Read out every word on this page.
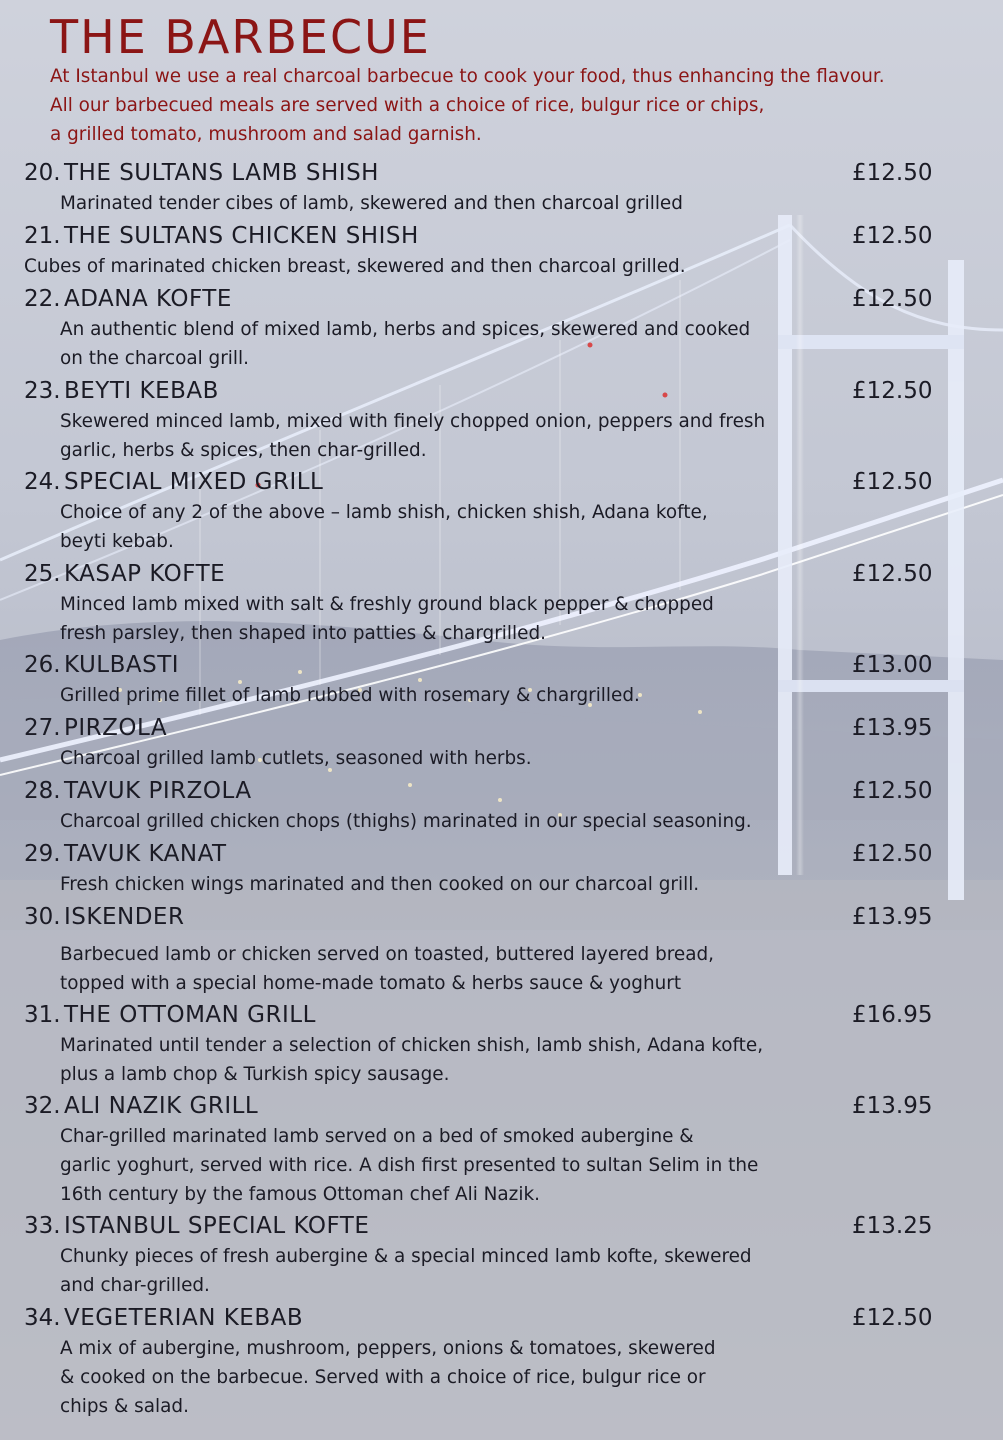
THE BARBECUE
At Istanbul we use a real charcoal barbecue to cook your food, thus enhancing the flavour.
All our barbecued meals are served with a choice of rice, bulgur rice or chips,
a grilled tomato, mushroom and salad garnish.
20. THE SULTANS LAMB SHISH	£12.50
Marinated tender cibes of lamb, skewered and then charcoal grilled
21. THE SULTANS CHICKEN SHISH	£12.50
Cubes of marinated chicken breast, skewered and then charcoal grilled.
22. ADANA KOFTE	£12.50
An authentic blend of mixed lamb, herbs and spices, skewered and cooked
on the charcoal grill.
23. BEYTI KEBAB	£12.50
Skewered minced lamb, mixed with finely chopped onion, peppers and fresh
garlic, herbs & spices, then char-grilled.
24. SPECIAL MIXED GRILL	£12.50
Choice of any 2 of the above – lamb shish, chicken shish, Adana kofte,
beyti kebab.
25. KASAP KOFTE	£12.50
Minced lamb mixed with salt & freshly ground black pepper & chopped
fresh parsley, then shaped into patties & chargrilled.
26. KULBASTI	£13.00
Grilled prime fillet of lamb rubbed with rosemary & chargrilled.
27. PIRZOLA	£13.95
Charcoal grilled lamb cutlets, seasoned with herbs.
28. TAVUK PIRZOLA	£12.50
Charcoal grilled chicken chops (thighs) marinated in our special seasoning.
29. TAVUK KANAT	£12.50
Fresh chicken wings marinated and then cooked on our charcoal grill.
30. ISKENDER	£13.95
Barbecued lamb or chicken served on toasted, buttered layered bread,
topped with a special home-made tomato & herbs sauce & yoghurt
31. THE OTTOMAN GRILL	£16.95
Marinated until tender a selection of chicken shish, lamb shish, Adana kofte,
plus a lamb chop & Turkish spicy sausage.
32. ALI NAZIK GRILL	£13.95
Char-grilled marinated lamb served on a bed of smoked aubergine &
garlic yoghurt, served with rice. A dish first presented to sultan Selim in the
16th century by the famous Ottoman chef Ali Nazik.
33. ISTANBUL SPECIAL KOFTE	£13.25
Chunky pieces of fresh aubergine & a special minced lamb kofte, skewered
and char-grilled.
34. VEGETERIAN KEBAB	£12.50
A mix of aubergine, mushroom, peppers, onions & tomatoes, skewered
& cooked on the barbecue. Served with a choice of rice, bulgur rice or
chips & salad.
